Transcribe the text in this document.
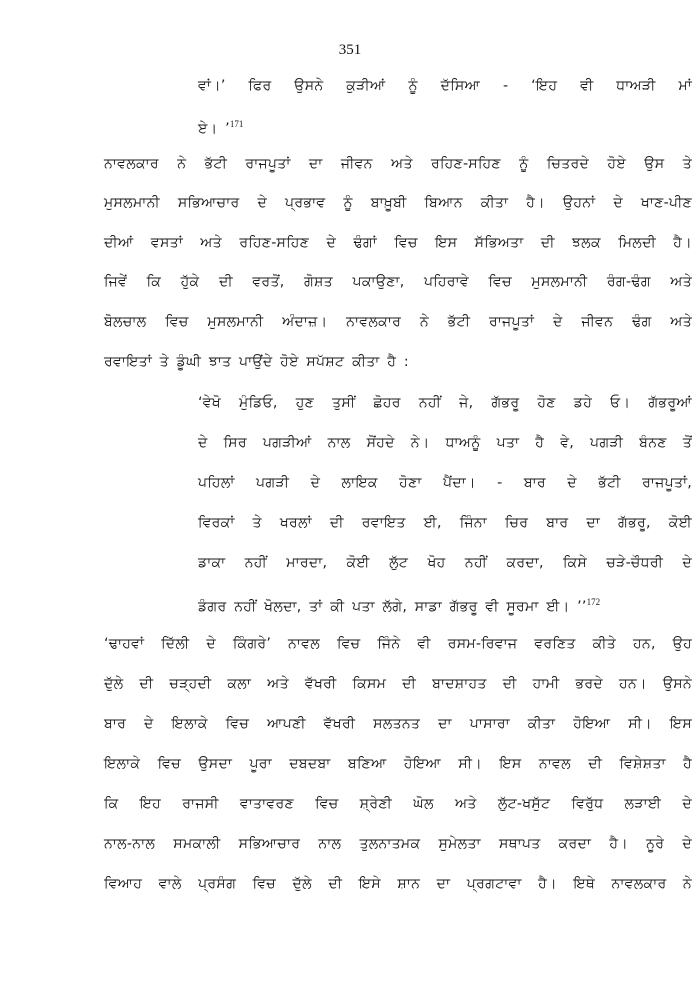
351
ਵਾਂ।’ ਫਿਰ ਉਸਨੇ ਕੁੜੀਆਂ ਨੂੰ ਦੱਸਿਆ - ‘ਇਹ ਵੀ ਧਾਅੜੀ ਮਾਂ
ਏ। ’$^{171}$
ਨਾਵਲਕਾਰ ਨੇ ਭੱਟੀ ਰਾਜਪੂਤਾਂ ਦਾ ਜੀਵਨ ਅਤੇ ਰਹਿਣ-ਸਹਿਣ ਨੂੰ ਚਿਤਰਦੇ ਹੋਏ ਉਸ ਤੇ
ਮੁਸਲਮਾਨੀ ਸਭਿਆਚਾਰ ਦੇ ਪ੍ਰਭਾਵ ਨੂੰ ਬਾਖ਼ੂਬੀ ਬਿਆਨ ਕੀਤਾ ਹੈ। ਉਹਨਾਂ ਦੇ ਖਾਣ-ਪੀਣ
ਦੀਆਂ ਵਸਤਾਂ ਅਤੇ ਰਹਿਣ-ਸਹਿਣ ਦੇ ਢੰਗਾਂ ਵਿਚ ਇਸ ਸੱਭਿਅਤਾ ਦੀ ਝਲਕ ਮਿਲਦੀ ਹੈ।
ਜਿਵੇਂ ਕਿ ਹੁੱਕੇ ਦੀ ਵਰਤੋਂ, ਗੋਸ਼ਤ ਪਕਾਉਣਾ, ਪਹਿਰਾਵੇ ਵਿਚ ਮੁਸਲਮਾਨੀ ਰੰਗ-ਢੰਗ ਅਤੇ
ਬੋਲਚਾਲ ਵਿਚ ਮੁਸਲਮਾਨੀ ਅੰਦਾਜ਼। ਨਾਵਲਕਾਰ ਨੇ ਭੱਟੀ ਰਾਜਪੂਤਾਂ ਦੇ ਜੀਵਨ ਢੰਗ ਅਤੇ
ਰਵਾਇਤਾਂ ਤੇ ਡੂੰਘੀ ਝਾਤ ਪਾਉਂਦੇ ਹੋਏ ਸਪੱਸ਼ਟ ਕੀਤਾ ਹੈ :
‘ਵੇਖੋ ਮੁੰਡਿਓ, ਹੁਣ ਤੁਸੀਂ ਛੋਹਰ ਨਹੀਂ ਜੇ, ਗੱਭਰੂ ਹੋਣ ਡਹੇ ਓ। ਗੱਭਰੂਆਂ
ਦੇ ਸਿਰ ਪਗੜੀਆਂ ਨਾਲ ਸੋਂਹਦੇ ਨੇ। ਧਾਅਨੂੰ ਪਤਾ ਹੈ ਵੇ, ਪਗੜੀ ਬੰਨਣ ਤੋਂ
ਪਹਿਲਾਂ ਪਗੜੀ ਦੇ ਲਾਇਕ ਹੋਣਾ ਪੈਂਦਾ। - ਬਾਰ ਦੇ ਭੱਟੀ ਰਾਜਪੂਤਾਂ,
ਵਿਰਕਾਂ ਤੇ ਖਰਲਾਂ ਦੀ ਰਵਾਇਤ ਈ, ਜਿੰਨਾ ਚਿਰ ਬਾਰ ਦਾ ਗੱਭਰੂ, ਕੋਈ
ਡਾਕਾ ਨਹੀਂ ਮਾਰਦਾ, ਕੋਈ ਲੁੱਟ ਖੋਹ ਨਹੀਂ ਕਰਦਾ, ਕਿਸੇ ਚੜੇ-ਚੌਧਰੀ ਦੇ
ਡੰਗਰ ਨਹੀਂ ਖੋਲਦਾ, ਤਾਂ ਕੀ ਪਤਾ ਲੱਗੇ, ਸਾਡਾ ਗੱਭਰੂ ਵੀ ਸੂਰਮਾ ਈ। ’’$^{172}$
‘ਢਾਹਵਾਂ ਦਿੱਲੀ ਦੇ ਕਿੰਗਰੇ’ ਨਾਵਲ ਵਿਚ ਜਿੰਨੇ ਵੀ ਰਸਮ-ਰਿਵਾਜ ਵਰਣਿਤ ਕੀਤੇ ਹਨ, ਉਹ
ਦੁੱਲੇ ਦੀ ਚੜ੍ਹਦੀ ਕਲਾ ਅਤੇ ਵੱਖਰੀ ਕਿਸਮ ਦੀ ਬਾਦਸ਼ਾਹਤ ਦੀ ਹਾਮੀ ਭਰਦੇ ਹਨ। ਉਸਨੇ
ਬਾਰ ਦੇ ਇਲਾਕੇ ਵਿਚ ਆਪਣੀ ਵੱਖਰੀ ਸਲਤਨਤ ਦਾ ਪਾਸਾਰਾ ਕੀਤਾ ਹੋਇਆ ਸੀ। ਇਸ
ਇਲਾਕੇ ਵਿਚ ਉਸਦਾ ਪੂਰਾ ਦਬਦਬਾ ਬਣਿਆ ਹੋਇਆ ਸੀ। ਇਸ ਨਾਵਲ ਦੀ ਵਿਸ਼ੇਸ਼ਤਾ ਹੈ
ਕਿ ਇਹ ਰਾਜਸੀ ਵਾਤਾਵਰਣ ਵਿਚ ਸ਼੍ਰੇਣੀ ਘੋਲ ਅਤੇ ਲੁੱਟ-ਖਸੁੱਟ ਵਿਰੁੱਧ ਲੜਾਈ ਦੇ
ਨਾਲ-ਨਾਲ ਸਮਕਾਲੀ ਸਭਿਆਚਾਰ ਨਾਲ ਤੁਲਨਾਤਮਕ ਸੁਮੇਲਤਾ ਸਥਾਪਤ ਕਰਦਾ ਹੈ। ਨੂਰੇ ਦੇ
ਵਿਆਹ ਵਾਲੇ ਪ੍ਰਸੰਗ ਵਿਚ ਦੁੱਲੇ ਦੀ ਇਸੇ ਸ਼ਾਨ ਦਾ ਪ੍ਰਗਟਾਵਾ ਹੈ। ਇਥੇ ਨਾਵਲਕਾਰ ਨੇ
